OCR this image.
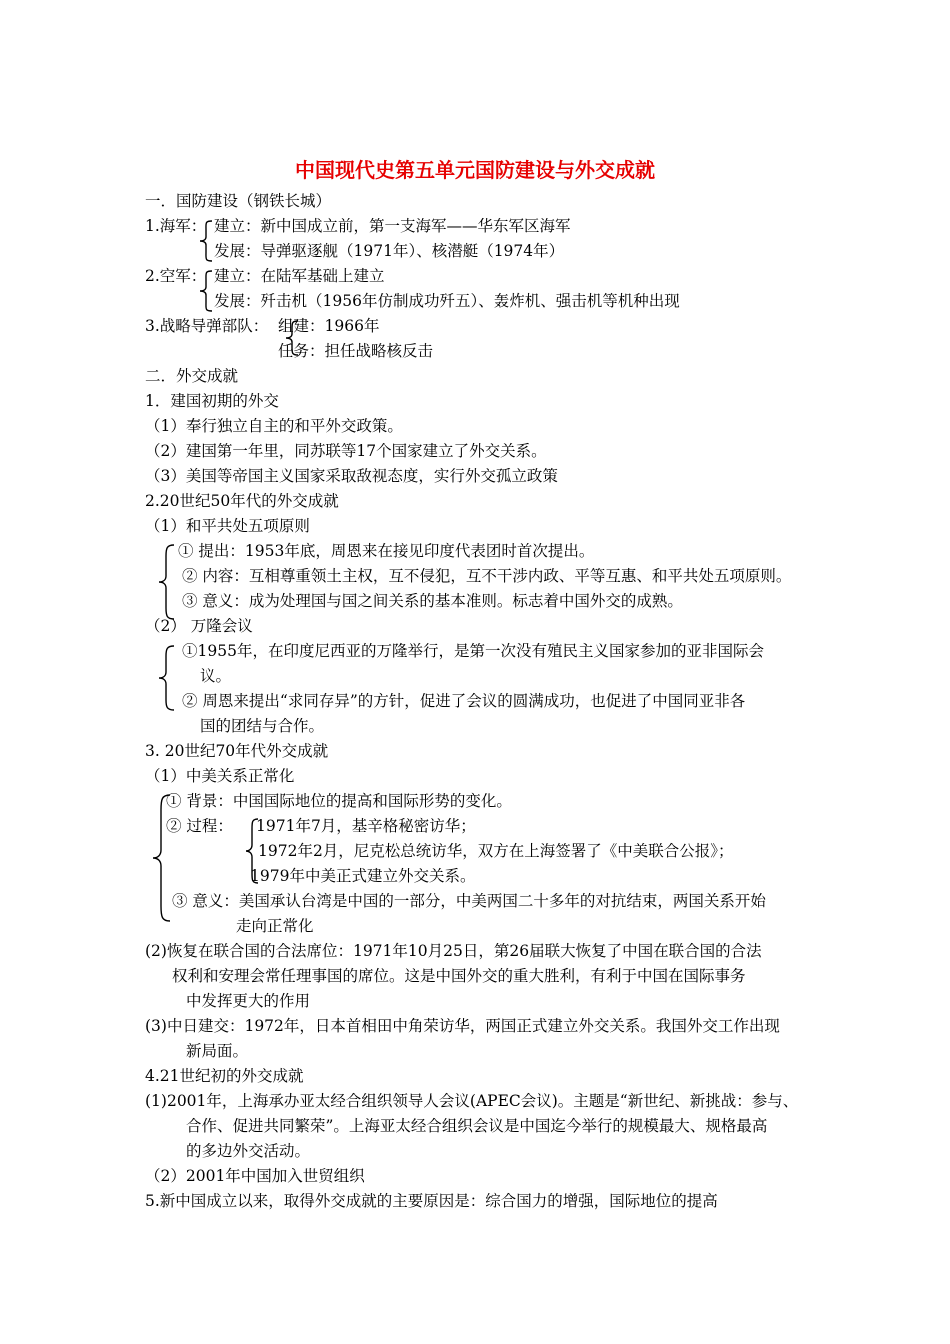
中国现代史第五单元国防建设与外交成就
一．国防建设（钢铁长城）
1.海军： 建立：新中国成立前，第一支海军——华东军区海军
发展：导弹驱逐舰（1971年）、核潜艇（1974年）
2.空军： 建立：在陆军基础上建立
发展：歼击机（1956年仿制成功歼五）、轰炸机、强击机等机种出现
3.战略导弹部队： 组建：1966年
任务：担任战略核反击
二．外交成就
1．建国初期的外交
（1）奉行独立自主的和平外交政策。
（2）建国第一年里，同苏联等17个国家建立了外交关系。
（3）美国等帝国主义国家采取敌视态度，实行外交孤立政策
2.20世纪50年代的外交成就
（1）和平共处五项原则
① 提出：1953年底，周恩来在接见印度代表团时首次提出。
② 内容：互相尊重领土主权，互不侵犯，互不干涉内政、平等互惠、和平共处五项原则。
③ 意义：成为处理国与国之间关系的基本准则。标志着中国外交的成熟。
（2） 万隆会议
①1955年，在印度尼西亚的万隆举行，是第一次没有殖民主义国家参加的亚非国际会
议。
② 周恩来提出“求同存异”的方针，促进了会议的圆满成功，也促进了中国同亚非各
国的团结与合作。
3. 20世纪70年代外交成就
（1）中美关系正常化
① 背景：中国国际地位的提高和国际形势的变化。
② 过程： 1971年7月，基辛格秘密访华；
1972年2月，尼克松总统访华，双方在上海签署了《中美联合公报》；
1979年中美正式建立外交关系。
③ 意义：美国承认台湾是中国的一部分，中美两国二十多年的对抗结束，两国关系开始
走向正常化
(2)恢复在联合国的合法席位：1971年10月25日，第26届联大恢复了中国在联合国的合法
权利和安理会常任理事国的席位。这是中国外交的重大胜利，有利于中国在国际事务
中发挥更大的作用
(3)中日建交：1972年，日本首相田中角荣访华，两国正式建立外交关系。我国外交工作出现
新局面。
4.21世纪初的外交成就
(1)2001年，上海承办亚太经合组织领导人会议(APEC会议)。主题是“新世纪、新挑战：参与、
合作、促进共同繁荣”。上海亚太经合组织会议是中国迄今举行的规模最大、规格最高
的多边外交活动。
（2）2001年中国加入世贸组织
5.新中国成立以来，取得外交成就的主要原因是：综合国力的增强，国际地位的提高
